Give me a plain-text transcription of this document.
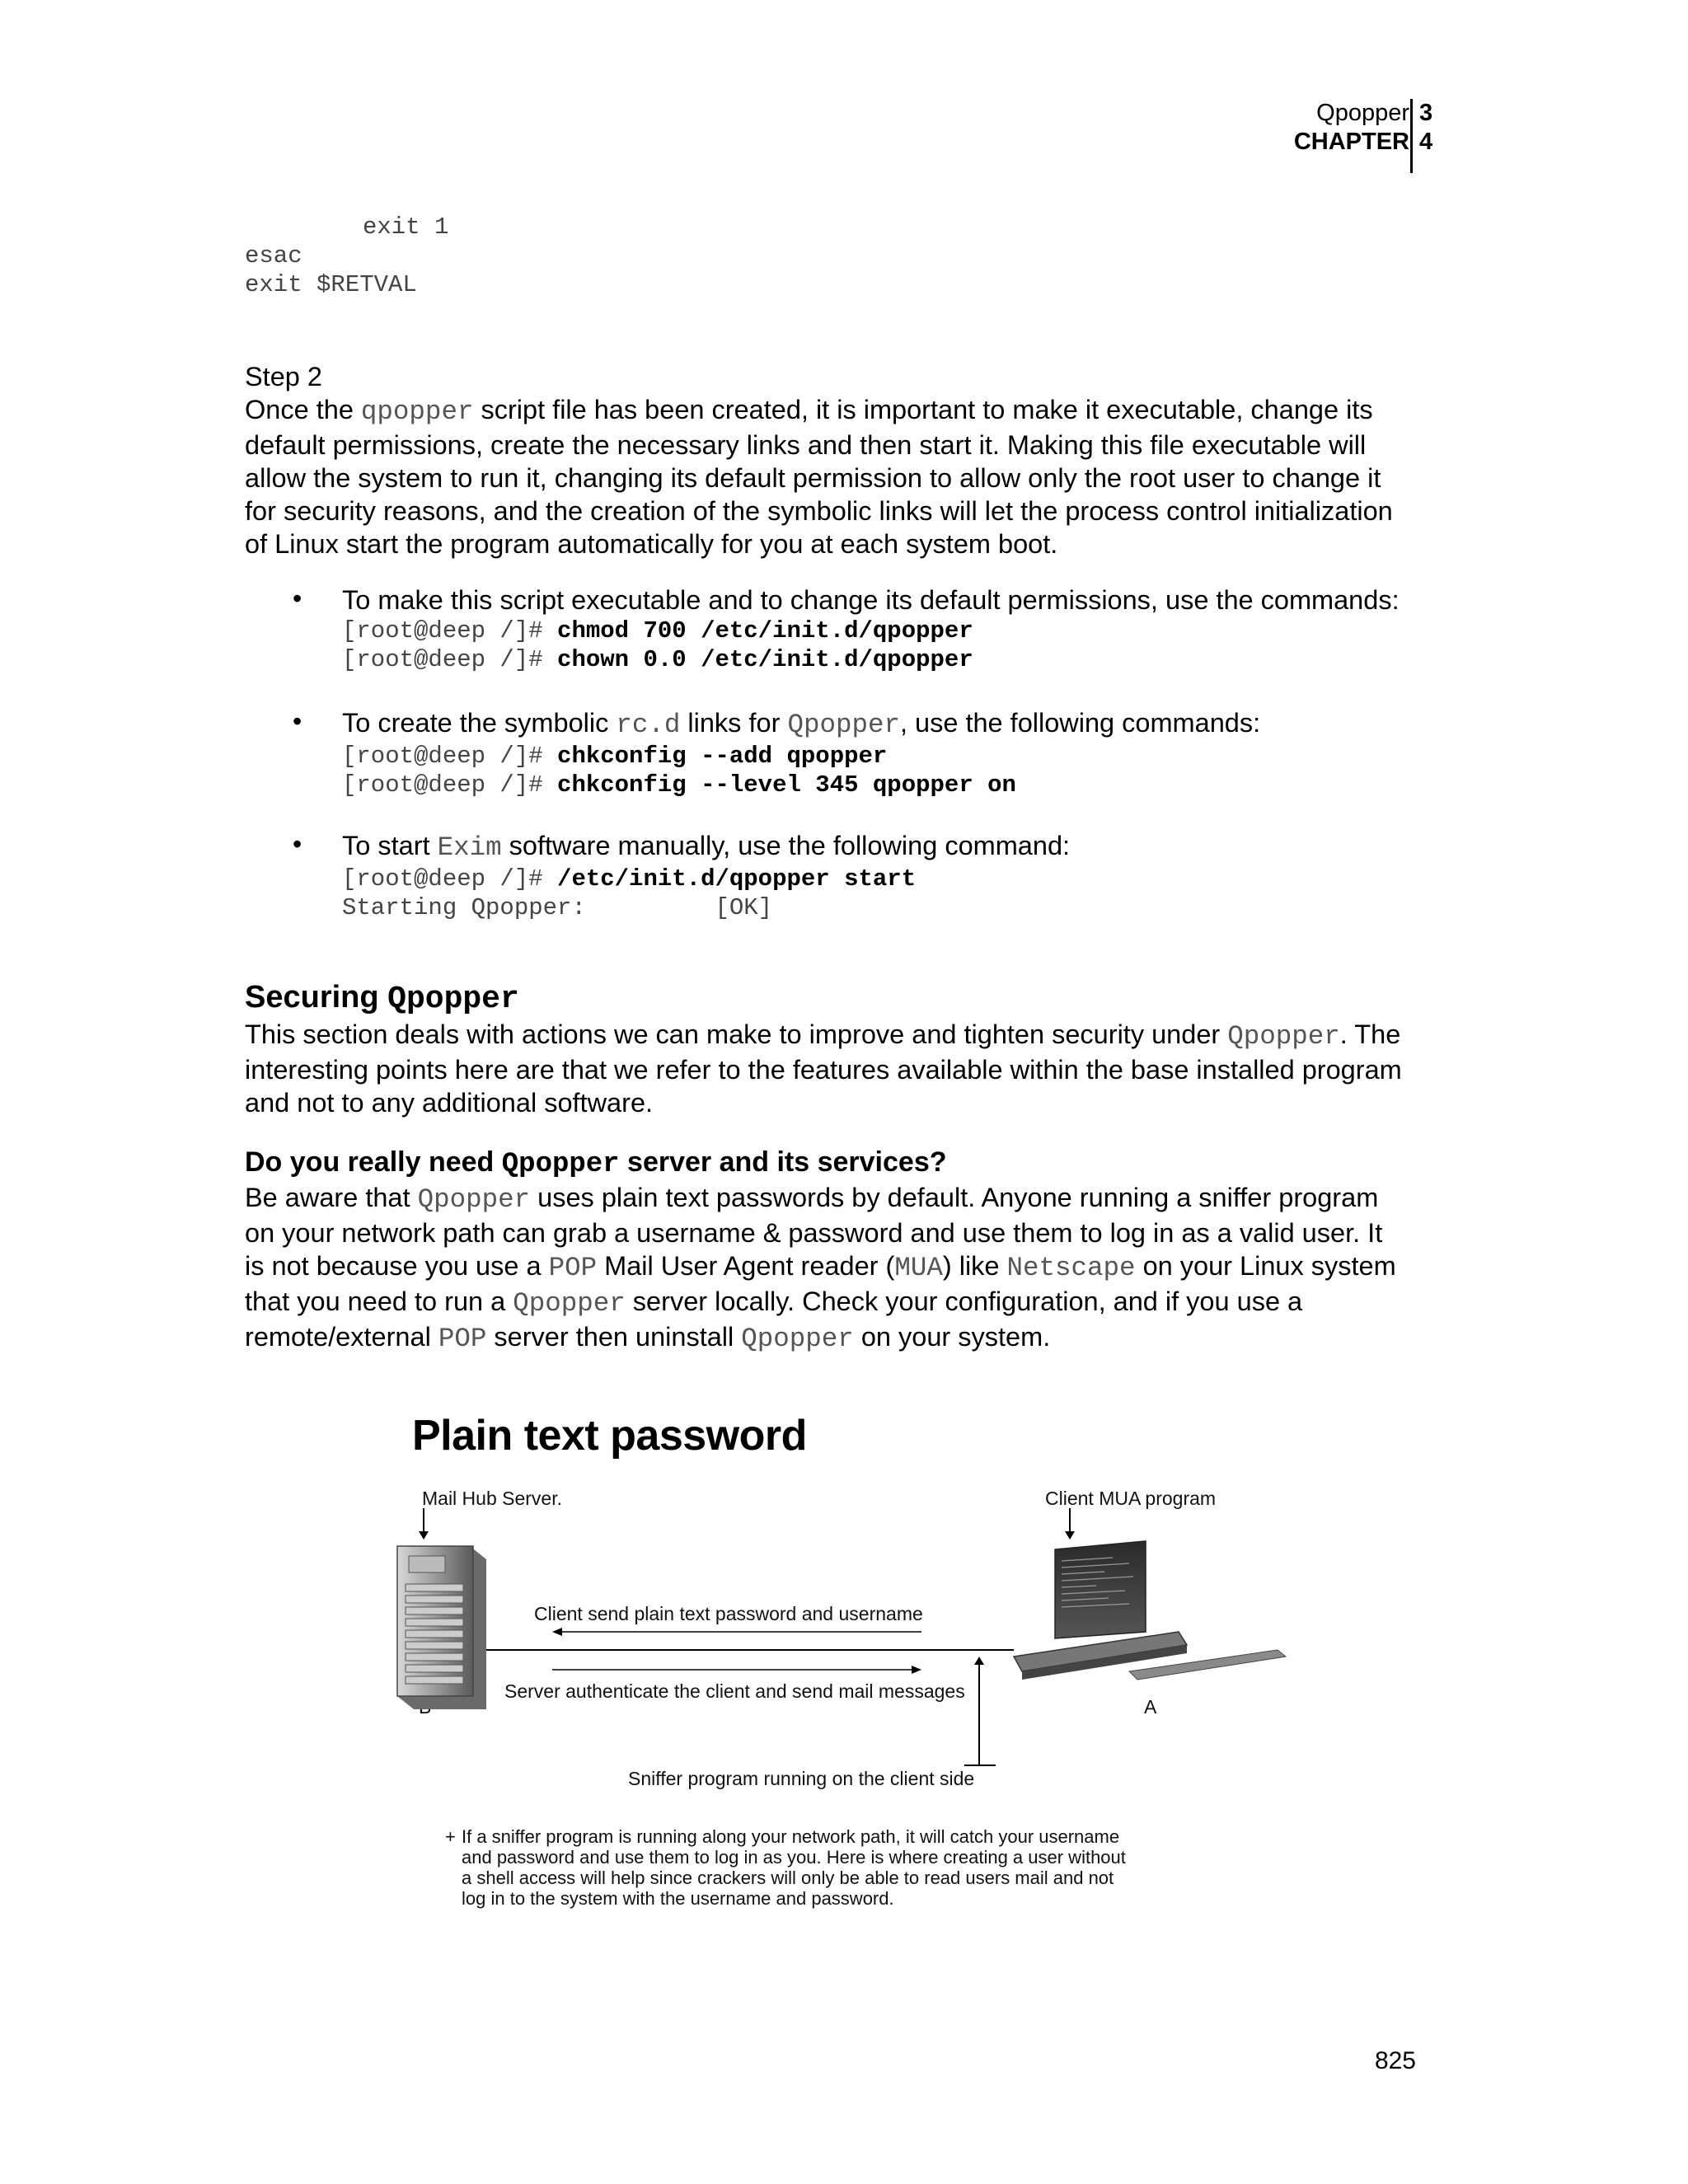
Qpopper
CHAPTER
3
4
exit 1
esac
exit $RETVAL

Step 2

Once the qpopper script file has been created, it is important to make it executable, change its

default permissions, create the necessary links and then start it. Making this file executable will

allow the system to run it, changing its default permission to allow only the root user to change it

for security reasons, and the creation of the symbolic links will let the process control initialization

of Linux start the program automatically for you at each system boot.

• To make this script executable and to change its default permissions, use the commands:

[root@deep /]# chmod 700 /etc/init.d/qpopper
[root@deep /]# chown 0.0 /etc/init.d/qpopper
• To create the symbolic rc.d links for Qpopper, use the following commands:

[root@deep /]# chkconfig --add qpopper
[root@deep /]# chkconfig --level 345 qpopper on
• To start Exim software manually, use the following command:

[root@deep /]# /etc/init.d/qpopper start
Starting Qpopper:         [OK]
Securing Qpopper

This section deals with actions we can make to improve and tighten security under Qpopper. The

interesting points here are that we refer to the features available within the base installed program

and not to any additional software.

Do you really need Qpopper server and its services?

Be aware that Qpopper uses plain text passwords by default. Anyone running a sniffer program

on your network path can grab a username & password and use them to log in as a valid user. It

is not because you use a POP Mail User Agent reader (MUA) like Netscape on your Linux system

that you need to run a Qpopper server locally. Check your configuration, and if you use a

remote/external POP server then uninstall Qpopper on your system.

Plain text password
Mail Hub Server.	Client MUA program
Client send plain text password and username
Server authenticate the client and send mail messages
A
Sniffer program running on the client side
+ If a sniffer program is running along your network path, it will catch your username
and password and use them to log in as you. Here is where creating a user without
a shell access will help since crackers will only be able to read users mail and not
log in to the system with the username and password.
825
